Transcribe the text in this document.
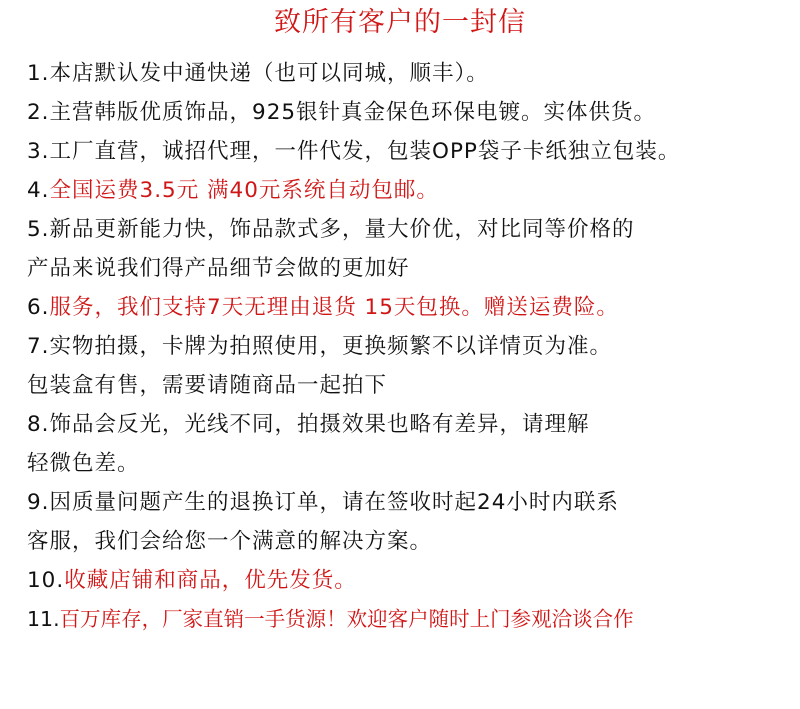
致所有客户的一封信
1.本店默认发中通快递（也可以同城，顺丰）。
2.主营韩版优质饰品，925银针真金保色环保电镀。实体供货。
3.工厂直营，诚招代理，一件代发，包装OPP袋子卡纸独立包装。
4.全国运费3.5元 满40元系统自动包邮。
5.新品更新能力快，饰品款式多，量大价优，对比同等价格的
产品来说我们得产品细节会做的更加好
6.服务，我们支持7天无理由退货 15天包换。赠送运费险。
7.实物拍摄，卡牌为拍照使用，更换频繁不以详情页为准。
包装盒有售，需要请随商品一起拍下
8.饰品会反光，光线不同，拍摄效果也略有差异，请理解
轻微色差。
9.因质量问题产生的退换订单，请在签收时起24小时内联系
客服，我们会给您一个满意的解决方案。
10.收藏店铺和商品，优先发货。
11.百万库存，厂家直销一手货源！欢迎客户随时上门参观洽谈合作
